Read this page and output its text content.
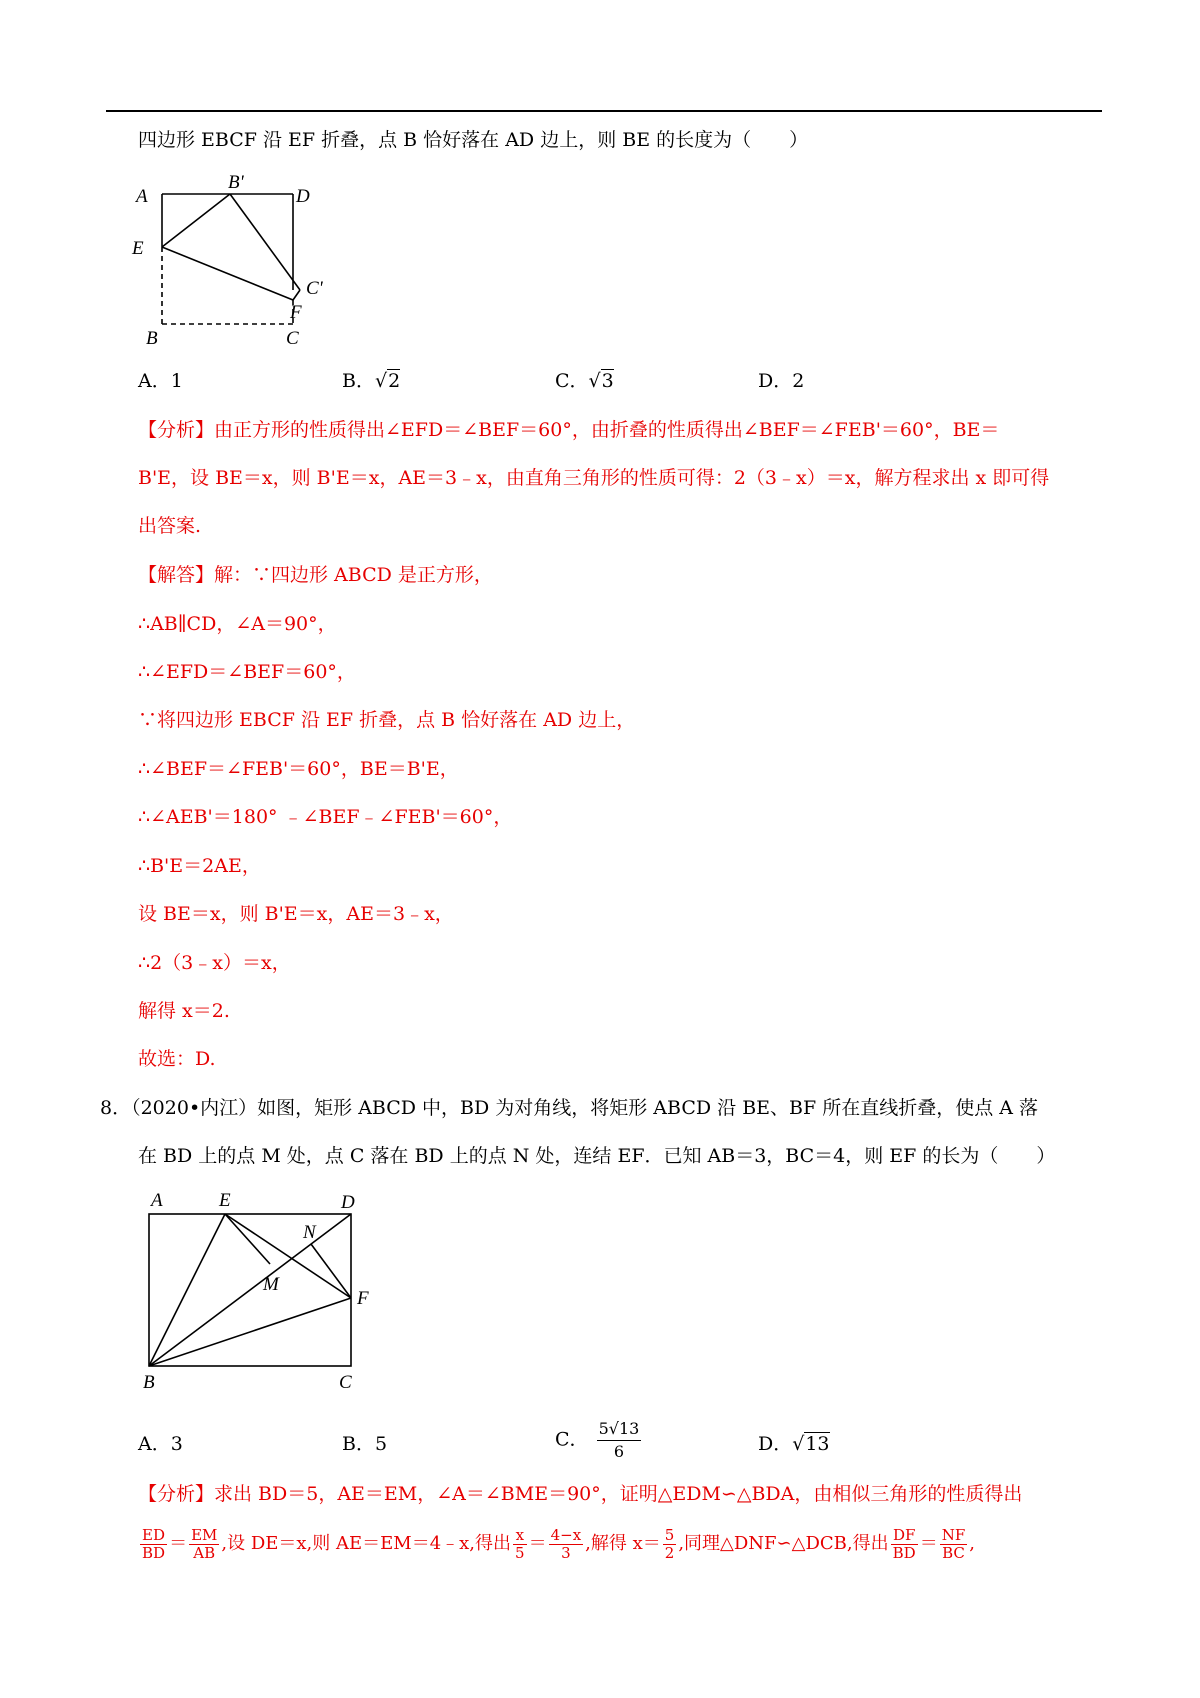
四边形 EBCF 沿 EF 折叠，点 B 恰好落在 AD 边上，则 BE 的长度为（　　）
A
B'
D
E
C'
F
B	C
A．1	B．√2	C．√3	D．2
【分析】由正方形的性质得出∠EFD＝∠BEF＝60°，由折叠的性质得出∠BEF＝∠FEB'＝60°，BE＝
B'E，设 BE＝x，则 B'E＝x，AE＝3﹣x，由直角三角形的性质可得：2（3﹣x）＝x，解方程求出 x 即可得
出答案.
【解答】解：∵四边形 ABCD 是正方形，
∴AB∥CD，∠A＝90°，
∴∠EFD＝∠BEF＝60°，
∵将四边形 EBCF 沿 EF 折叠，点 B 恰好落在 AD 边上，
∴∠BEF＝∠FEB'＝60°，BE＝B'E，
∴∠AEB'＝180° ﹣∠BEF﹣∠FEB'＝60°，
∴B'E＝2AE，
设 BE＝x，则 B'E＝x，AE＝3﹣x，
∴2（3﹣x）＝x，
解得 x＝2.
故选：D.
8．（2020•内江）如图，矩形 ABCD 中，BD 为对角线，将矩形 ABCD 沿 BE、BF 所在直线折叠，使点 A 落
在 BD 上的点 M 处，点 C 落在 BD 上的点 N 处，连结 EF．已知 AB＝3，BC＝4，则 EF 的长为（　　）
A	E	D
N
M
F
B	C
A．3	B．5	C． $\frac{5√13}{6}$	D．√13
【分析】求出 BD＝5，AE＝EM，∠A＝∠BME＝90°，证明△EDM∽△BDA，由相似三角形的性质得出
$\frac{ED}{BD} = \frac{EM}{AB}$ ,设 DE＝x,则 AE＝EM＝4﹣x,得出 $\frac{x}{5} = \frac{4-x}{3}$ ,解得 $x= \frac{5}{2}$ ,同理△DNF∽△DCB,得出 $\frac{DF}{BD} = \frac{NF}{BC}$ ,
